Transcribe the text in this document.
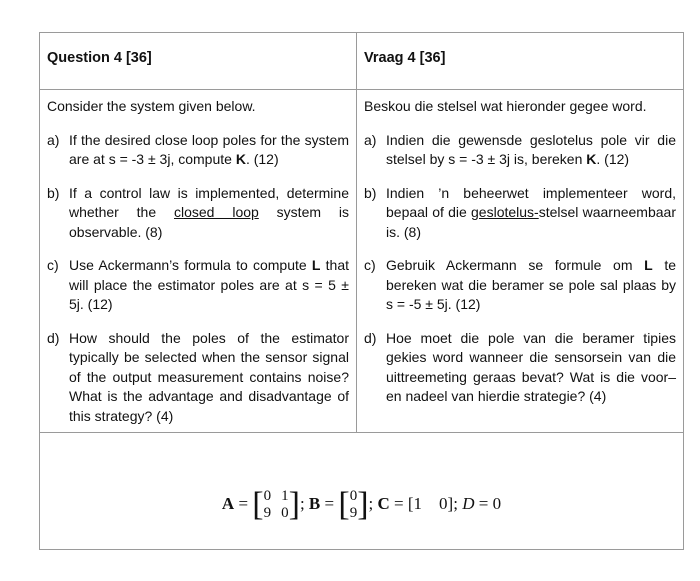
Question 4 [36]	Vraag 4 [36]

Consider the system given below.

a) If the desired close loop poles for the system are at s = -3 ± 3j, compute K. (12)
b) If a control law is implemented, determine whether the closed loop system is observable. (8)
c) Use Ackermann’s formula to compute L that will place the estimator poles are at s = 5 ± 5j. (12)
d) How should the poles of the estimator typically be selected when the sensor signal of the output measurement contains noise? What is the advantage and disadvantage of this strategy? (4)

Beskou die stelsel wat hieronder gegee word.

a) Indien die gewensde geslotelus pole vir die stelsel by s = -3 ± 3j is, bereken K. (12)
b) Indien ’n beheerwet implementeer word, bepaal of die geslotelus-stelsel waarneembaar is. (8)
c) Gebruik Ackermann se formule om L te bereken wat die beramer se pole sal plaas by s = -5 ± 5j. (12)
d) Hoe moet die pole van die beramer tipies gekies word wanneer die sensorsein van die uittreemeting geraas bevat? Wat is die voor– en nadeel van hierdie strategie? (4)
A = [ 0 1
9 0 ] ; B = [ 0
9 ] ; C = [1 0]; D = 0
